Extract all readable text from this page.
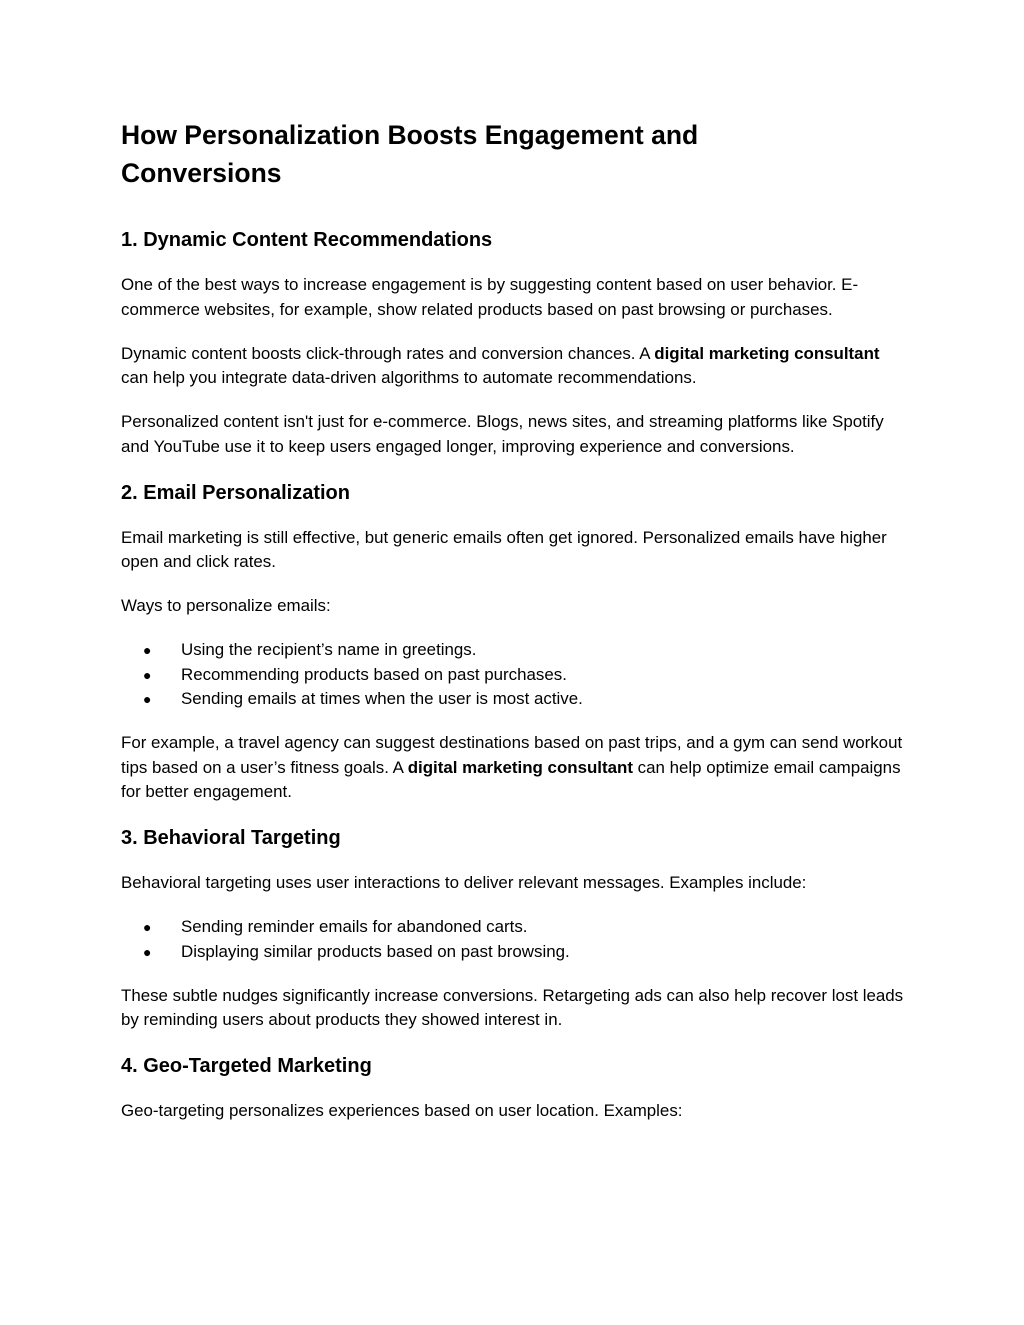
How Personalization Boosts Engagement and Conversions
1. Dynamic Content Recommendations

One of the best ways to increase engagement is by suggesting content based on user behavior. E-commerce websites, for example, show related products based on past browsing or purchases.

Dynamic content boosts click-through rates and conversion chances. A digital marketing consultant can help you integrate data-driven algorithms to automate recommendations.

Personalized content isn't just for e-commerce. Blogs, news sites, and streaming platforms like Spotify and YouTube use it to keep users engaged longer, improving experience and conversions.

2. Email Personalization

Email marketing is still effective, but generic emails often get ignored. Personalized emails have higher open and click rates.

Ways to personalize emails:

● Using the recipient’s name in greetings.
● Recommending products based on past purchases.
● Sending emails at times when the user is most active.

For example, a travel agency can suggest destinations based on past trips, and a gym can send workout tips based on a user’s fitness goals. A digital marketing consultant can help optimize email campaigns for better engagement.

3. Behavioral Targeting

Behavioral targeting uses user interactions to deliver relevant messages. Examples include:

● Sending reminder emails for abandoned carts.
● Displaying similar products based on past browsing.

These subtle nudges significantly increase conversions. Retargeting ads can also help recover lost leads by reminding users about products they showed interest in.

4. Geo-Targeted Marketing

Geo-targeting personalizes experiences based on user location. Examples:
